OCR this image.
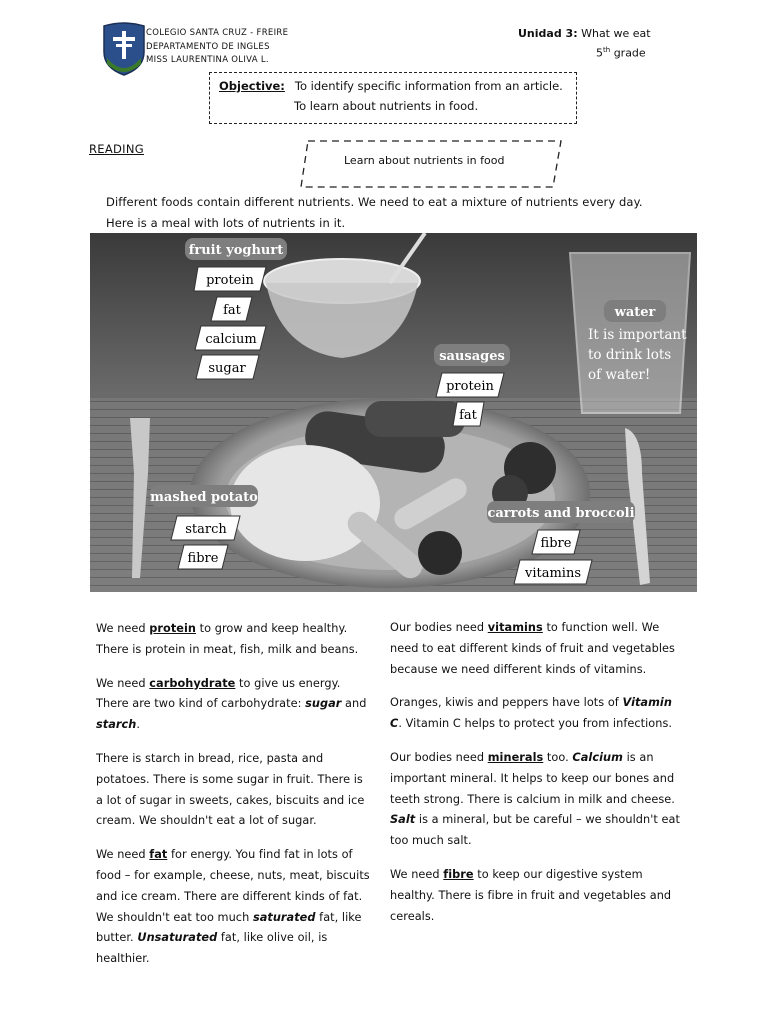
COLEGIO SANTA CRUZ - FREIRE
DEPARTAMENTO DE INGLES
MISS LAURENTINA OLIVA L.
Unidad 3: What we eat
5th grade
Objective: To identify specific information from an article.
To learn about nutrients in food.
READING
Learn about nutrients in food
Different foods contain different nutrients. We need to eat a mixture of nutrients every day.
Here is a meal with lots of nutrients in it.
fruit yoghurt
protein
fat
calcium
sugar
sausages
protein
fat
water
It is important
to drink lots
of water!
mashed potato
starch
fibre
carrots and broccoli
fibre
vitamins

We need protein to grow and keep healthy. There is protein in meat, fish, milk and beans.

We need carbohydrate to give us energy. There are two kind of carbohydrate: sugar and starch.

There is starch in bread, rice, pasta and potatoes. There is some sugar in fruit. There is a lot of sugar in sweets, cakes, biscuits and ice cream. We shouldn't eat a lot of sugar.

We need fat for energy. You find fat in lots of food – for example, cheese, nuts, meat, biscuits and ice cream. There are different kinds of fat. We shouldn't eat too much saturated fat, like butter. Unsaturated fat, like olive oil, is healthier.

Our bodies need vitamins to function well. We need to eat different kinds of fruit and vegetables because we need different kinds of vitamins.

Oranges, kiwis and peppers have lots of Vitamin C. Vitamin C helps to protect you from infections.

Our bodies need minerals too. Calcium is an important mineral. It helps to keep our bones and teeth strong. There is calcium in milk and cheese. Salt is a mineral, but be careful – we shouldn't eat too much salt.

We need fibre to keep our digestive system healthy. There is fibre in fruit and vegetables and cereals.
